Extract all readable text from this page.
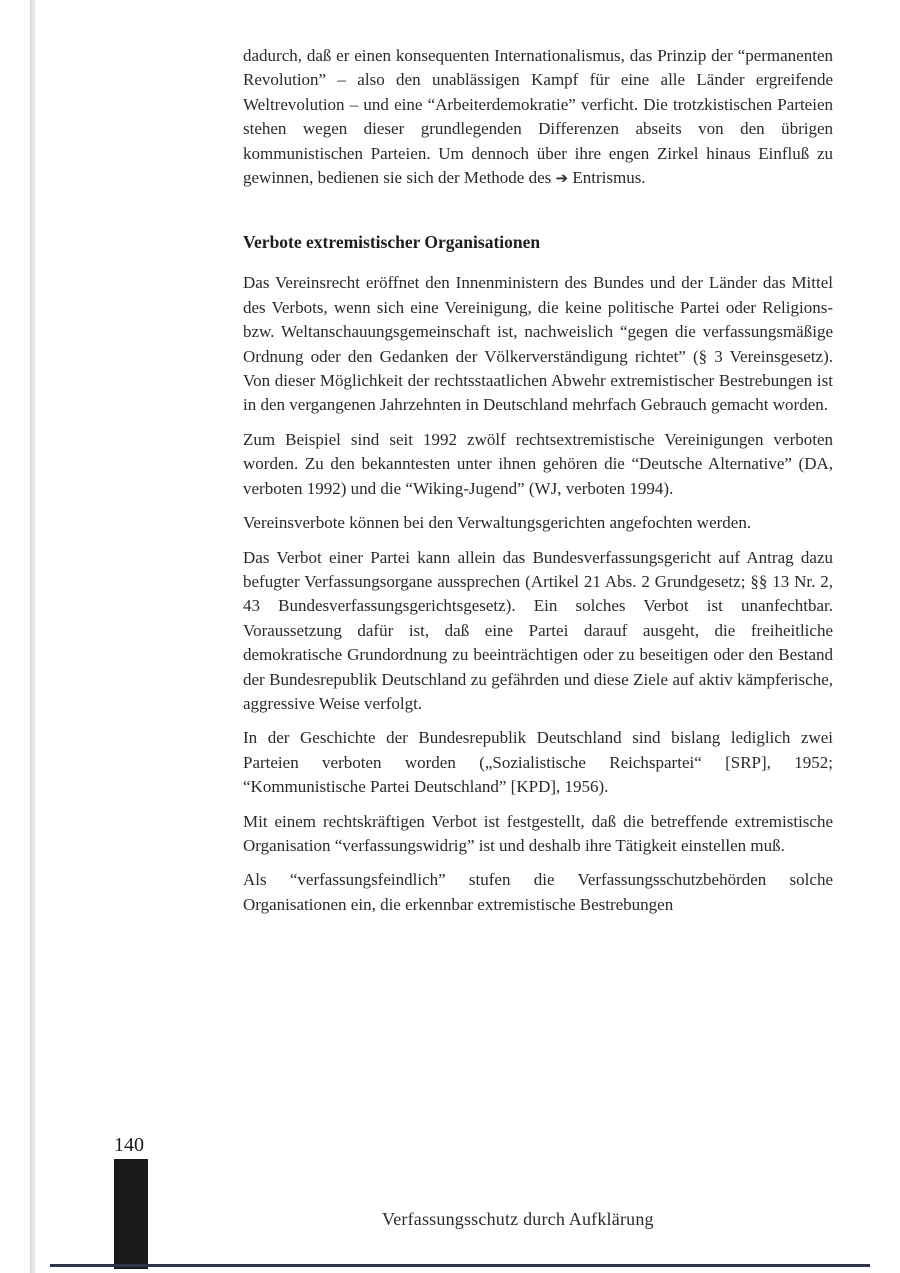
dadurch, daß er einen konsequenten Internationalismus, das Prinzip der “permanenten Revolution” – also den unablässigen Kampf für eine alle Länder ergreifende Weltrevolution – und eine “Arbeiterdemokratie” verficht. Die trotzkistischen Parteien stehen wegen dieser grundlegenden Differenzen abseits von den übrigen kommunistischen Parteien. Um dennoch über ihre engen Zirkel hinaus Einfluß zu gewinnen, bedienen sie sich der Methode des ➔ Entrismus.

Verbote extremistischer Organisationen

Das Vereinsrecht eröffnet den Innenministern des Bundes und der Länder das Mittel des Verbots, wenn sich eine Vereinigung, die keine politische Partei oder Religions- bzw. Weltanschauungsgemeinschaft ist, nachweislich “gegen die verfassungsmäßige Ordnung oder den Gedanken der Völkerverständigung richtet” (§ 3 Vereinsgesetz). Von dieser Möglichkeit der rechtsstaatlichen Abwehr extremistischer Bestrebungen ist in den vergangenen Jahrzehnten in Deutschland mehrfach Gebrauch gemacht worden.

Zum Beispiel sind seit 1992 zwölf rechtsextremistische Vereinigungen verboten worden. Zu den bekanntesten unter ihnen gehören die “Deutsche Alternative” (DA, verboten 1992) und die “Wiking-Jugend” (WJ, verboten 1994).

Vereinsverbote können bei den Verwaltungsgerichten angefochten werden.

Das Verbot einer Partei kann allein das Bundesverfassungsgericht auf Antrag dazu befugter Verfassungsorgane aussprechen (Artikel 21 Abs. 2 Grundgesetz; §§ 13 Nr. 2, 43 Bundesverfassungsgerichtsgesetz). Ein solches Verbot ist unanfechtbar. Voraussetzung dafür ist, daß eine Partei darauf ausgeht, die freiheitliche demokratische Grundordnung zu beeinträchtigen oder zu beseitigen oder den Bestand der Bundesrepublik Deutschland zu gefährden und diese Ziele auf aktiv kämpferische, aggressive Weise verfolgt.

In der Geschichte der Bundesrepublik Deutschland sind bislang lediglich zwei Parteien verboten worden („Sozialistische Reichspartei“ [SRP], 1952; “Kommunistische Partei Deutschland” [KPD], 1956).

Mit einem rechtskräftigen Verbot ist festgestellt, daß die betreffende extremistische Organisation “verfassungswidrig” ist und deshalb ihre Tätigkeit einstellen muß.

Als “verfassungsfeindlich” stufen die Verfassungsschutzbehörden solche Organisationen ein, die erkennbar extremistische Bestrebungen

140
Verfassungsschutz durch Aufklärung
